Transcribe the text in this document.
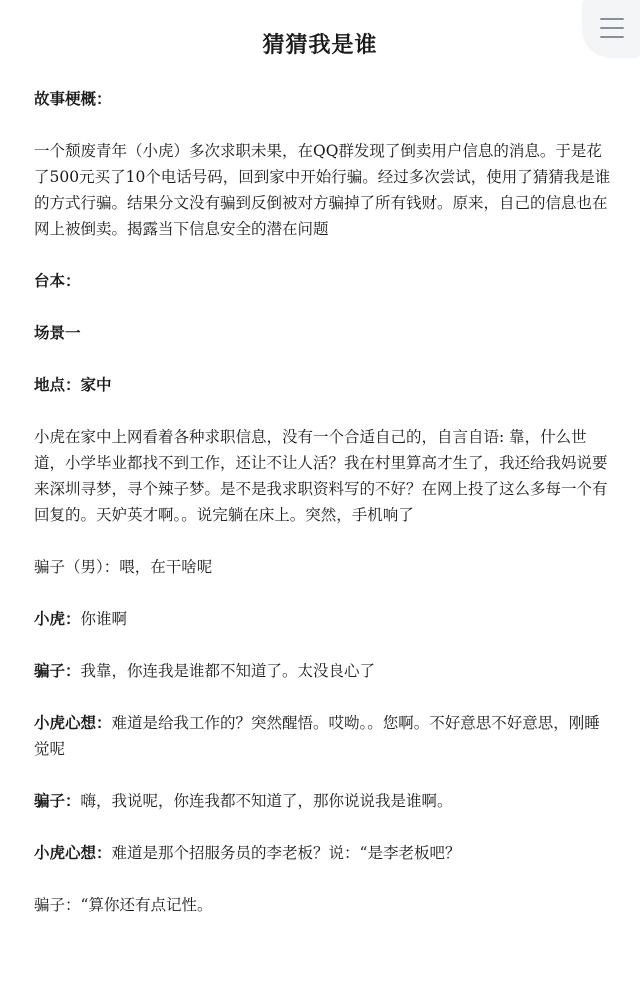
猜猜我是谁
故事梗概：
一个颓废青年（小虎）多次求职未果，在QQ群发现了倒卖用户信息的消息。于是花了500元买了10个电话号码，回到家中开始行骗。经过多次尝试，使用了猜猜我是谁的方式行骗。结果分文没有骗到反倒被对方骗掉了所有钱财。原来，自己的信息也在网上被倒卖。揭露当下信息安全的潜在问题
台本：
场景一
地点：家中
小虎在家中上网看着各种求职信息，没有一个合适自己的，自言自语: 靠，什么世道，小学毕业都找不到工作，还让不让人活？我在村里算高才生了，我还给我妈说要来深圳寻梦，寻个辣子梦。是不是我求职资料写的不好？在网上投了这么多每一个有回复的。天妒英才啊。。说完躺在床上。突然，手机响了
骗子（男）：喂，在干啥呢
小虎：你谁啊
骗子：我靠，你连我是谁都不知道了。太没良心了
小虎心想：难道是给我工作的？突然醒悟。哎呦。。您啊。不好意思不好意思，刚睡觉呢
骗子：嗨，我说呢，你连我都不知道了，那你说说我是谁啊。
小虎心想：难道是那个招服务员的李老板？说：“是李老板吧？
骗子：“算你还有点记性。
